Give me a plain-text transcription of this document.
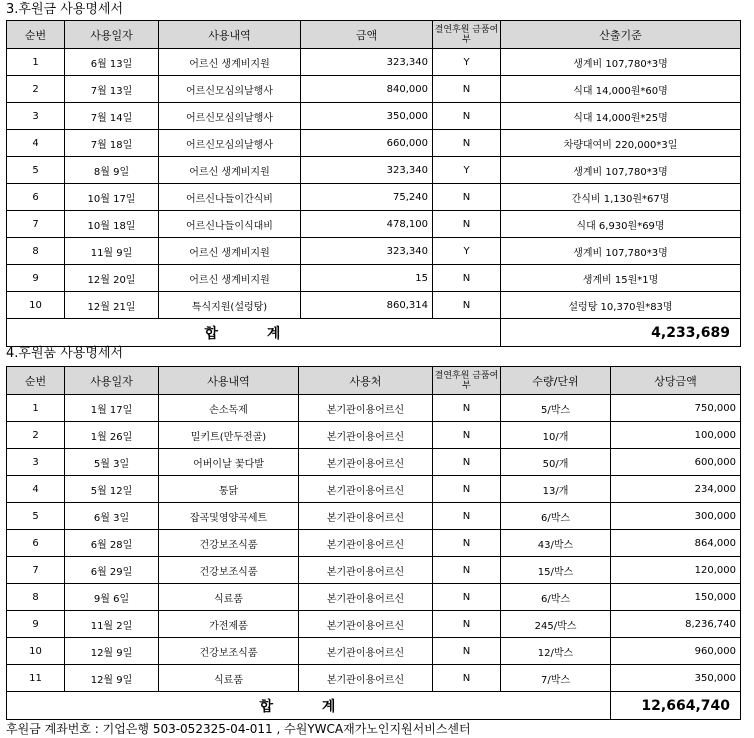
3.후원금 사용명세서
순번	사용일자	사용내역	금액	결연후원 금품여부	산출기준
1	6월 13일	어르신 생계비지원	323,340	Y	생계비 107,780*3명
2	7월 13일	어르신모심의날행사	840,000	N	식대 14,000원*60명
3	7월 14일	어르신모심의날행사	350,000	N	식대 14,000원*25명
4	7월 18일	어르신모심의날행사	660,000	N	차량대여비 220,000*3일
5	8월 9일	어르신 생계비지원	323,340	Y	생계비 107,780*3명
6	10월 17일	어르신나들이간식비	75,240	N	간식비 1,130원*67명
7	10월 18일	어르신나들이식대비	478,100	N	식대 6,930원*69명
8	11월 9일	어르신 생계비지원	323,340	Y	생계비 107,780*3명
9	12월 20일	어르신 생계비지원	15	N	생계비 15원*1명
10	12월 21일	특식지원(설렁탕)	860,314	N	설렁탕 10,370원*83명
합 계					4,233,689
4.후원품 사용명세서
순번	사용일자	사용내역	사용처	결연후원 금품여부	수량/단위	상당금액
1	1월 17일	손소독제	본기관이용어르신	N	5/박스	750,000
2	1월 26일	밀키트(만두전골)	본기관이용어르신	N	10/개	100,000
3	5월 3일	어버이날 꽃다발	본기관이용어르신	N	50/개	600,000
4	5월 12일	통닭	본기관이용어르신	N	13/개	234,000
5	6월 3일	잡곡및영양곡세트	본기관이용어르신	N	6/박스	300,000
6	6월 28일	건강보조식품	본기관이용어르신	N	43/박스	864,000
7	6월 29일	건강보조식품	본기관이용어르신	N	15/박스	120,000
8	9월 6일	식료품	본기관이용어르신	N	6/박스	150,000
9	11월 2일	가전제품	본기관이용어르신	N	245/박스	8,236,740
10	12월 9일	건강보조식품	본기관이용어르신	N	12/박스	960,000
11	12월 9일	식료품	본기관이용어르신	N	7/박스	350,000
합 계						12,664,740
후원금 계좌번호 : 기업은행 503-052325-04-011 , 수원YWCA재가노인지원서비스센터
